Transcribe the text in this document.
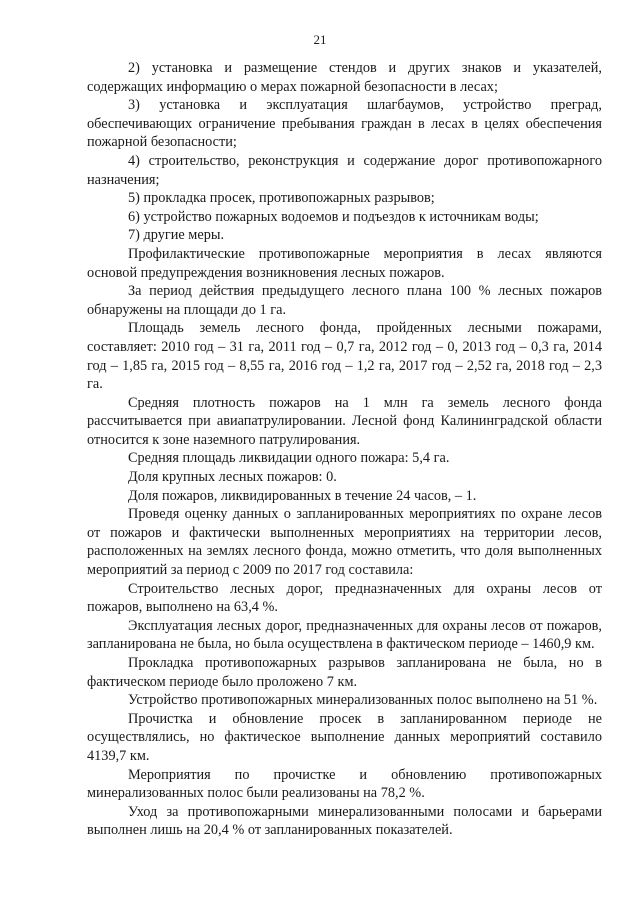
21

2) установка и размещение стендов и других знаков и указателей, содержащих информацию о мерах пожарной безопасности в лесах;

3) установка и эксплуатация шлагбаумов, устройство преград, обеспечивающих ограничение пребывания граждан в лесах в целях обеспечения пожарной безопасности;

4) строительство, реконструкция и содержание дорог противопожарного назначения;

5) прокладка просек, противопожарных разрывов;

6) устройство пожарных водоемов и подъездов к источникам воды;

7) другие меры.

Профилактические противопожарные мероприятия в лесах являются основой предупреждения возникновения лесных пожаров.

За период действия предыдущего лесного плана 100 % лесных пожаров обнаружены на площади до 1 га.

Площадь земель лесного фонда, пройденных лесными пожарами, составляет: 2010 год – 31 га, 2011 год – 0,7 га, 2012 год – 0, 2013 год – 0,3 га, 2014 год – 1,85 га, 2015 год – 8,55 га, 2016 год – 1,2 га, 2017 год – 2,52 га, 2018 год – 2,3 га.

Средняя плотность пожаров на 1 млн га земель лесного фонда рассчитывается при авиапатрулировании. Лесной фонд Калининградской области относится к зоне наземного патрулирования.

Средняя площадь ликвидации одного пожара: 5,4 га.

Доля крупных лесных пожаров: 0.

Доля пожаров, ликвидированных в течение 24 часов, – 1.

Проведя оценку данных о запланированных мероприятиях по охране лесов от пожаров и фактически выполненных мероприятиях на территории лесов, расположенных на землях лесного фонда, можно отметить, что доля выполненных мероприятий за период с 2009 по 2017 год составила:

Строительство лесных дорог, предназначенных для охраны лесов от пожаров, выполнено на 63,4 %.

Эксплуатация лесных дорог, предназначенных для охраны лесов от пожаров, запланирована не была, но была осуществлена в фактическом периоде – 1460,9 км.

Прокладка противопожарных разрывов запланирована не была, но в фактическом периоде было проложено 7 км.

Устройство противопожарных минерализованных полос выполнено на 51 %.

Прочистка и обновление просек в запланированном периоде не осуществлялись, но фактическое выполнение данных мероприятий составило 4139,7 км.

Мероприятия по прочистке и обновлению противопожарных минерализованных полос были реализованы на 78,2 %.

Уход за противопожарными минерализованными полосами и барьерами выполнен лишь на 20,4 % от запланированных показателей.
